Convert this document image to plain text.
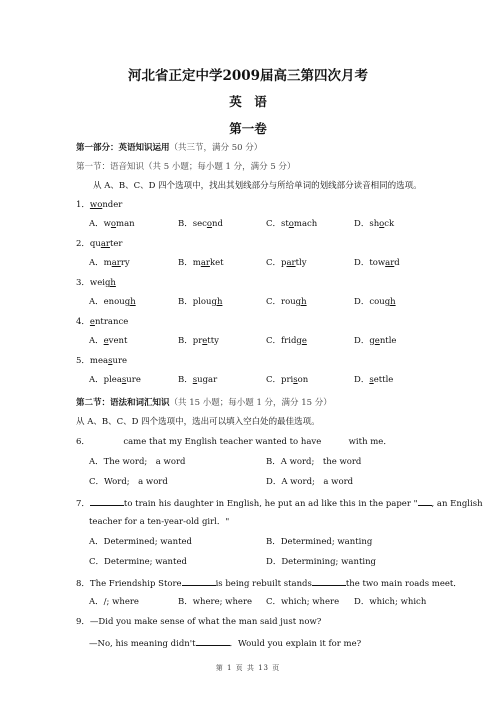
河北省正定中学2009届高三第四次月考
英　语
第一卷
第一部分：英语知识运用（共三节，满分 50 分）
第一节：语音知识（共 5 小题；每小题 1 分，满分 5 分）
从 A、B、C、D 四个选项中，找出其划线部分与所给单词的划线部分读音相同的选项。
1．wonder
A．woman	B．second	C．stomach	D．shock
2．quarter
A．marry	B．market	C．partly	D．toward
3．weigh
A．enough	B．plough	C．rough	D．cough
4．entrance
A．event	B．pretty	C．fridge	D．gentle
5．measure
A．pleasure	B．sugar	C．prison	D．settle
第二节：语法和词汇知识（共 15 小题；每小题 1 分，满分 15 分）
从 A、B、C、D 四个选项中，选出可以填入空白处的最佳选项。
6．	came that my English teacher wanted to have	with me．
A．The word;　a word	B．A word;　the word
C．Word;　a word	D．A word;　a word
7．	to train his daughter in English, he put an ad like this in the paper " , an English
teacher for a ten-year-old girl．"
A．Determined; wanted	B．Determined; wanting
C．Determine; wanted	D．Determining; wanting
8．The Friendship Store	is being rebuilt stands	the two main roads meet．
A．/; where	B．where; where C．which; where D．which; which
9．—Did you make sense of what the man said just now?
—No, his meaning didn't	．Would you explain it for me?
第 1 页 共 13 页
